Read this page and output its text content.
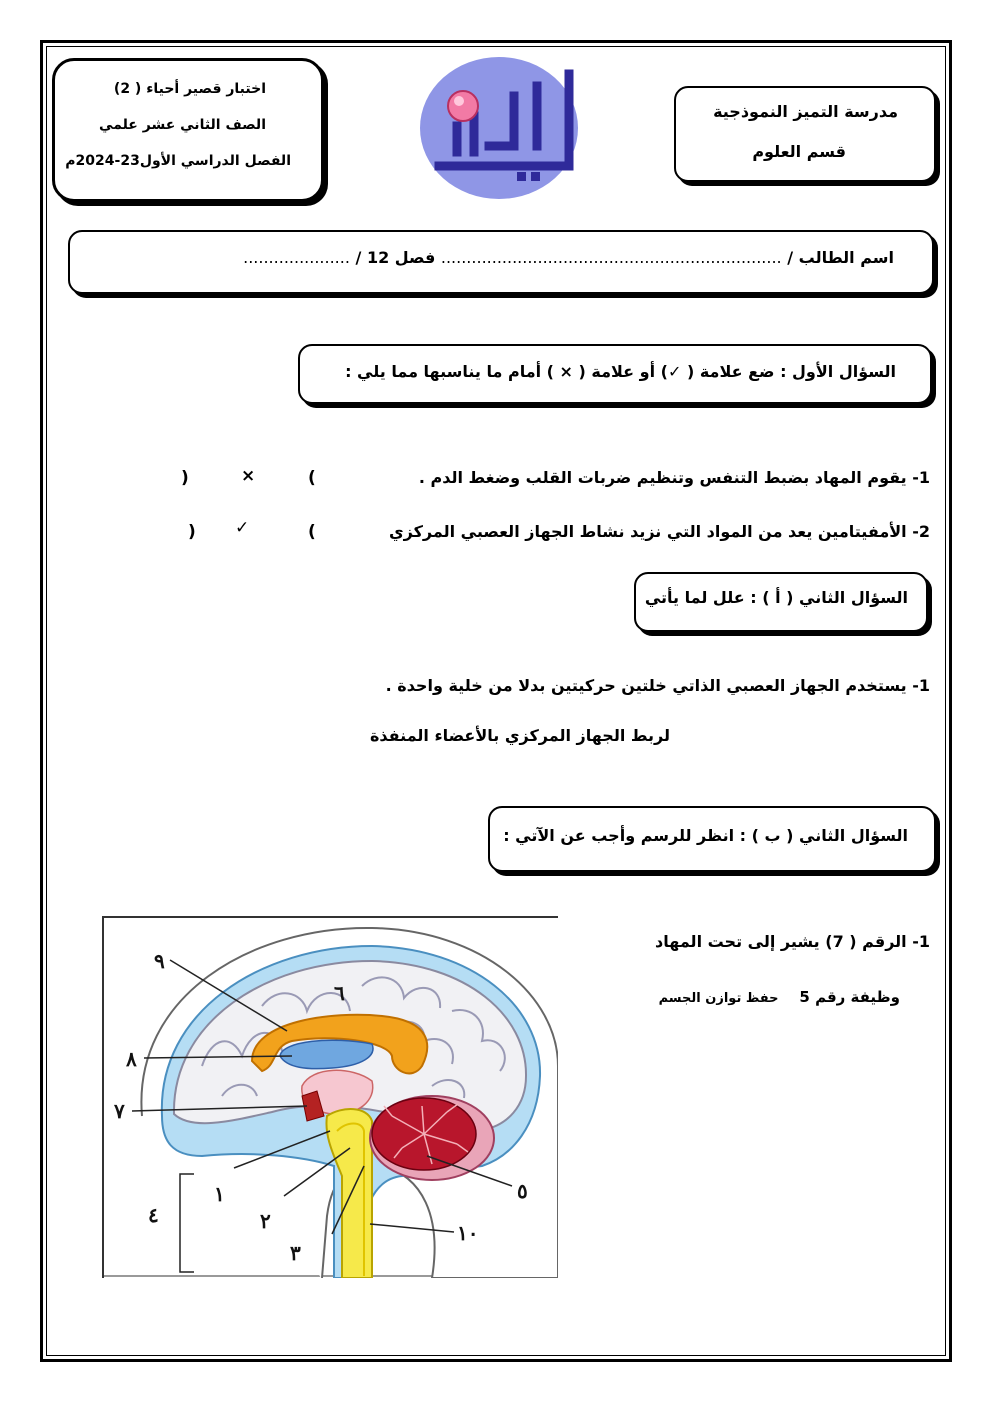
مدرسة التميز النموذجية
قسم العلوم
اختبار قصير أحياء ( 2)
الصف الثاني عشر علمي
الفصل الدراسي الأول23-2024م
اسم الطالب / ................................................................... فصل 12 / .....................
السؤال الأول : ضع علامة ( ✓) أو علامة ( × ) أمام ما يناسبها مما يلي :
1- يقوم المهاد بضبط التنفس وتنظيم ضربات القلب وضغط الدم .
(
×
)
2- الأمفيتامين يعد من المواد التي نزيد نشاط الجهاز العصبي المركزي
(
✓
)
السؤال الثاني ( أ ) : علل لما يأتي
1- يستخدم الجهاز العصبي الذاتي خلتين حركيتين بدلا من خلية واحدة .
لربط الجهاز المركزي بالأعضاء المنفذة
السؤال الثاني ( ب ) : انظر للرسم وأجب عن الآتي :
1- الرقم ( 7) يشير إلى تحت المهاد
وظيفة رقم 5    حفظ توازن الجسم
٩
٦
٨
٧
١
٢
٤
٣
٥
١٠
